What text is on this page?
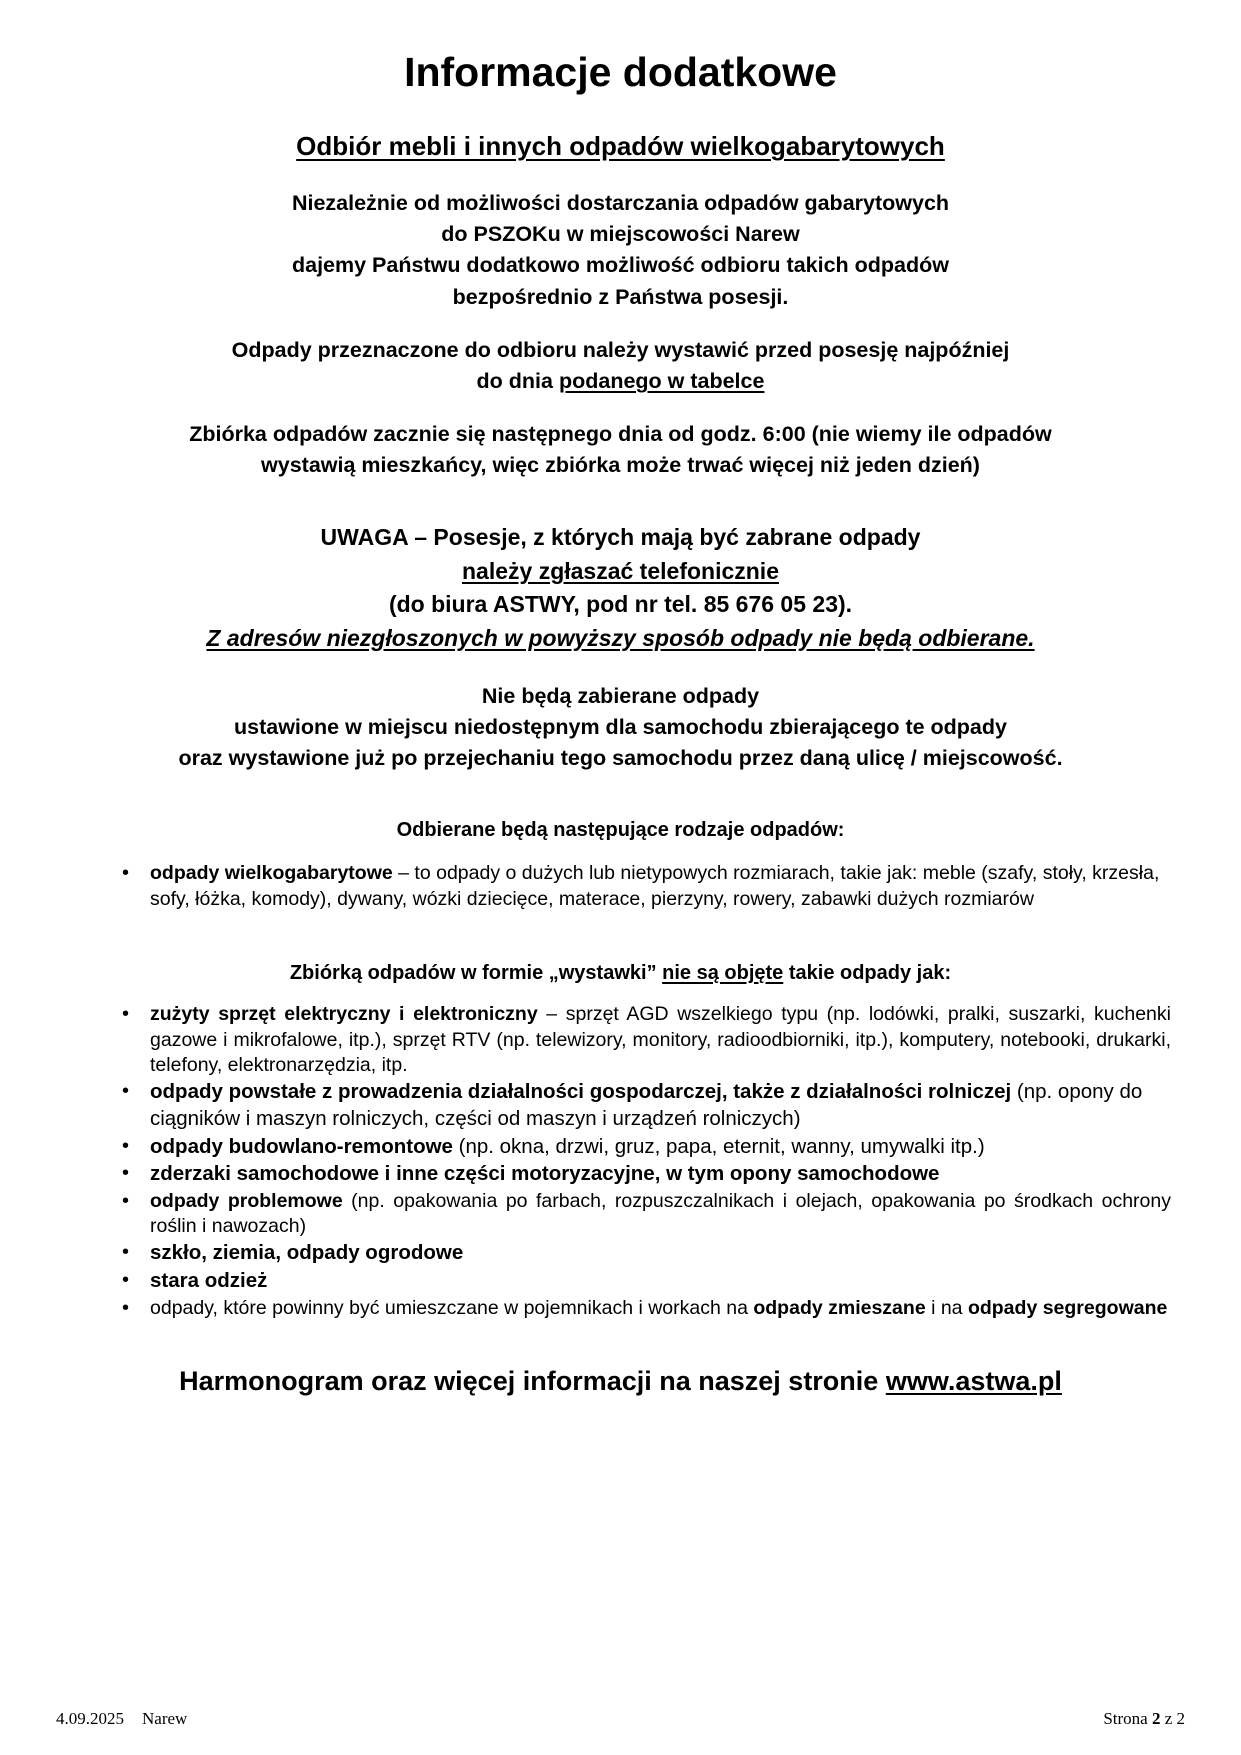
Informacje dodatkowe
Odbiór mebli i innych odpadów wielkogabarytowych
Niezależnie od możliwości dostarczania odpadów gabarytowych
do PSZOKu w miejscowości Narew
dajemy Państwu dodatkowo możliwość odbioru takich odpadów
bezpośrednio z Państwa posesji.
Odpady przeznaczone do odbioru należy wystawić przed posesję najpóźniej
do dnia podanego w tabelce
Zbiórka odpadów zacznie się następnego dnia od godz. 6:00 (nie wiemy ile odpadów
wystawią mieszkańcy, więc zbiórka może trwać więcej niż jeden dzień)
UWAGA – Posesje, z których mają być zabrane odpady
należy zgłaszać telefonicznie
(do biura ASTWY, pod nr tel. 85 676 05 23).
Z adresów niezgłoszonych w powyższy sposób odpady nie będą odbierane.
Nie będą zabierane odpady
ustawione w miejscu niedostępnym dla samochodu zbierającego te odpady
oraz wystawione już po przejechaniu tego samochodu przez daną ulicę / miejscowość.
Odbierane będą następujące rodzaje odpadów:
• odpady wielkogabarytowe – to odpady o dużych lub nietypowych rozmiarach, takie jak: meble (szafy, stoły, krzesła, sofy, łóżka, komody), dywany, wózki dziecięce, materace, pierzyny, rowery, zabawki dużych rozmiarów
Zbiórką odpadów w formie „wystawki” nie są objęte takie odpady jak:
• zużyty sprzęt elektryczny i elektroniczny – sprzęt AGD wszelkiego typu (np. lodówki, pralki, suszarki, kuchenki gazowe i mikrofalowe, itp.), sprzęt RTV (np. telewizory, monitory, radioodbiorniki, itp.), komputery, notebooki, drukarki, telefony, elektronarzędzia, itp.
• odpady powstałe z prowadzenia działalności gospodarczej, także z działalności rolniczej (np. opony do ciągników i maszyn rolniczych, części od maszyn i urządzeń rolniczych)
• odpady budowlano-remontowe (np. okna, drzwi, gruz, papa, eternit, wanny, umywalki itp.)
• zderzaki samochodowe i inne części motoryzacyjne, w tym opony samochodowe
• odpady problemowe (np. opakowania po farbach, rozpuszczalnikach i olejach, opakowania po środkach ochrony roślin i nawozach)
• szkło, ziemia, odpady ogrodowe
• stara odzież
• odpady, które powinny być umieszczane w pojemnikach i workach na odpady zmieszane i na odpady segregowane
Harmonogram oraz więcej informacji na naszej stronie www.astwa.pl
4.09.2025 Narew	Strona 2 z 2
